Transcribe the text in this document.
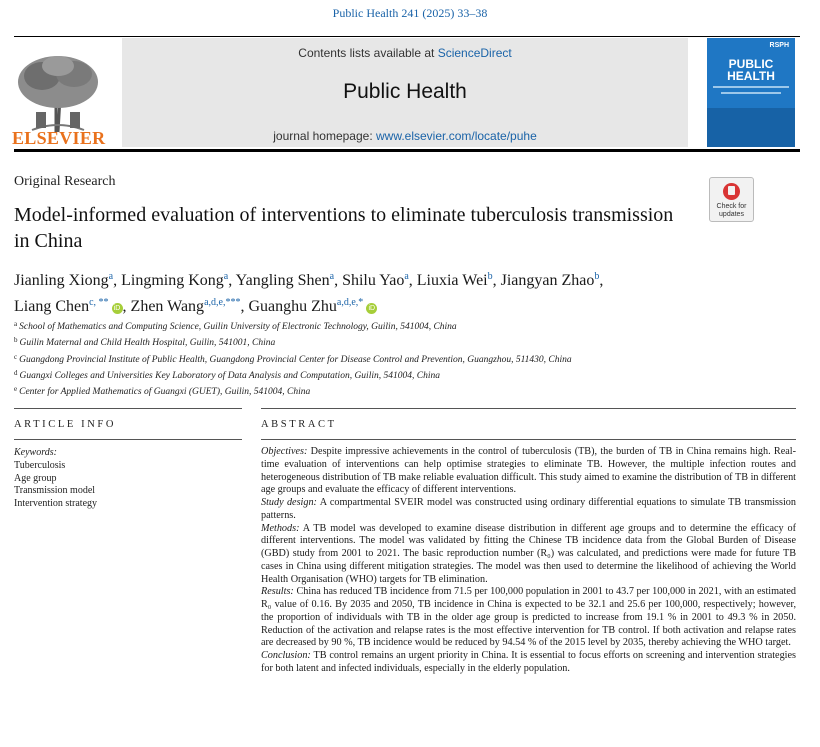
Public Health 241 (2025) 33–38
ELSEVIER
Contents lists available at ScienceDirect
Public Health
journal homepage: www.elsevier.com/locate/puhe
RSPH
PUBLIC
HEALTH
Original Research
Model-informed evaluation of interventions to eliminate tuberculosis transmission in China
Check for updates
Jianling Xiong$^a$, Lingming Kong$^a$, Yangling Shen$^a$, Shilu Yao$^a$, Liuxia Wei$^b$, Jiangyan Zhao$^b$,
Liang Chen$^{c, **}$iD , Zhen Wang$^{a,d,e,***}$, Guanghu Zhu$^{a,d,e,*}$iD
$^a$ School of Mathematics and Computing Science, Guilin University of Electronic Technology, Guilin, 541004, China
$^b$ Guilin Maternal and Child Health Hospital, Guilin, 541001, China
$^c$ Guangdong Provincial Institute of Public Health, Guangdong Provincial Center for Disease Control and Prevention, Guangzhou, 511430, China
$^d$ Guangxi Colleges and Universities Key Laboratory of Data Analysis and Computation, Guilin, 541004, China
$^e$ Center for Applied Mathematics of Guangxi (GUET), Guilin, 541004, China
ARTICLE INFO	ABSTRACT
Keywords:
Tuberculosis
Age group
Transmission model
Intervention strategy

Objectives: Despite impressive achievements in the control of tuberculosis (TB), the burden of TB in China remains high. Real-time evaluation of interventions can help optimise strategies to eliminate TB. However, the multiple infection routes and heterogeneous distribution of TB make reliable evaluation difficult. This study aimed to examine the distribution of TB in different age groups and evaluate the efficacy of different interventions.

Study design: A compartmental SVEIR model was constructed using ordinary differential equations to simulate TB transmission patterns.

Methods: A TB model was developed to examine disease distribution in different age groups and to determine the efficacy of different interventions. The model was validated by fitting the Chinese TB incidence data from the Global Burden of Disease (GBD) study from 2001 to 2021. The basic reproduction number (R₀) was calculated, and predictions were made for future TB cases in China using different mitigation strategies. The model was then used to determine the likelihood of achieving the World Health Organisation (WHO) targets for TB elimination.

Results: China has reduced TB incidence from 71.5 per 100,000 population in 2001 to 43.7 per 100,000 in 2021, with an estimated R₀ value of 0.16. By 2035 and 2050, TB incidence in China is expected to be 32.1 and 25.6 per 100,000, respectively; however, the proportion of individuals with TB in the older age group is predicted to increase from 19.1 % in 2001 to 49.3 % in 2050. Reduction of the activation and relapse rates is the most effective intervention for TB control. If both activation and relapse rates are decreased by 90 %, TB incidence would be reduced by 94.54 % of the 2015 level by 2035, thereby achieving the WHO target.

Conclusion: TB control remains an urgent priority in China. It is essential to focus efforts on screening and intervention strategies for both latent and infected individuals, especially in the elderly population.
